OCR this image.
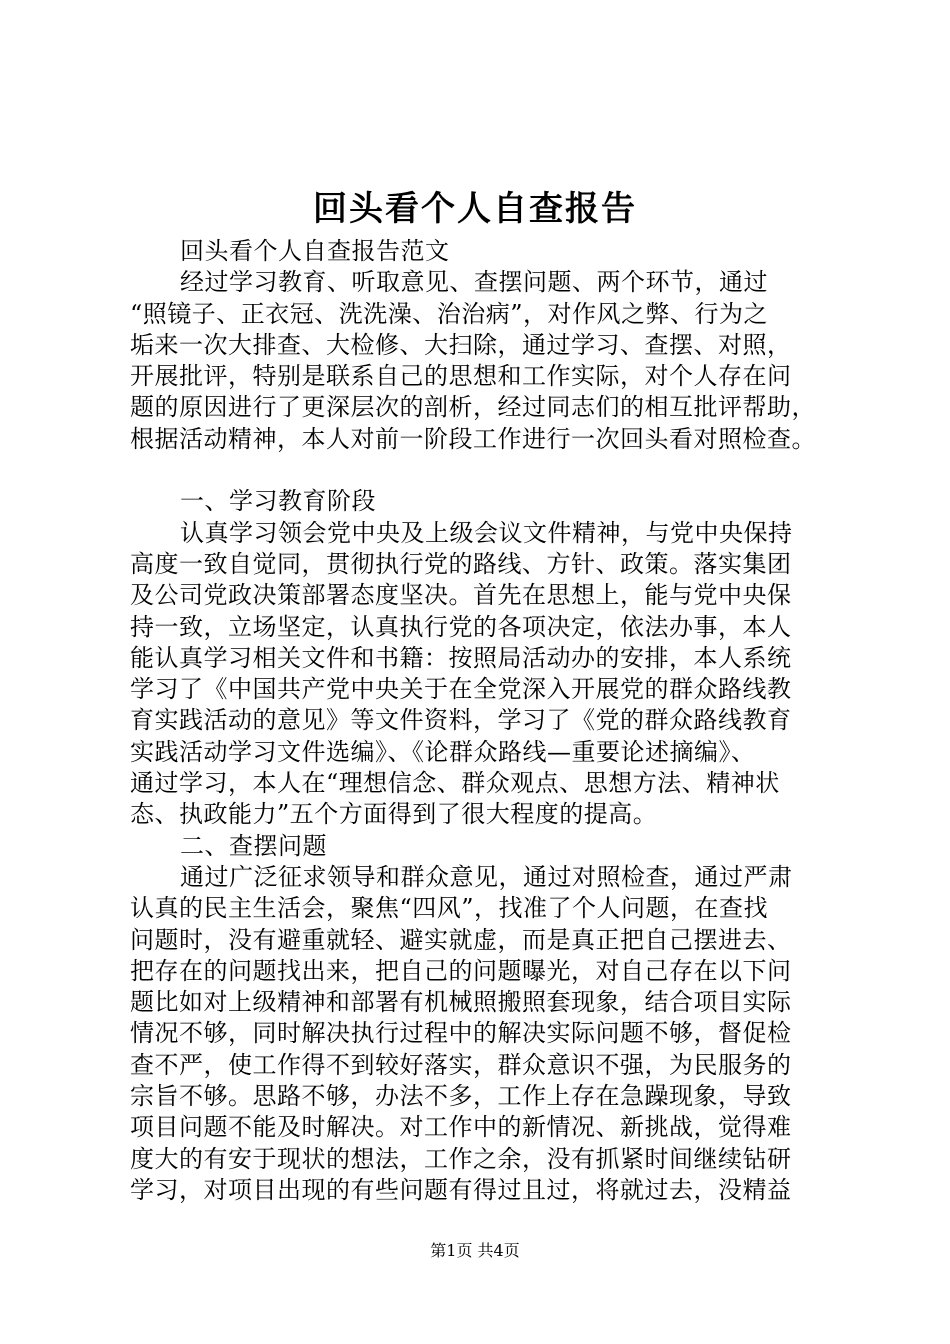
回头看个人自查报告
回头看个人自查报告范文
经过学习教育、听取意见、查摆问题、两个环节，通过
“照镜子、正衣冠、洗洗澡、治治病”，对作风之弊、行为之
垢来一次大排查、大检修、大扫除，通过学习、查摆、对照，
开展批评，特别是联系自己的思想和工作实际，对个人存在问
题的原因进行了更深层次的剖析，经过同志们的相互批评帮助，
根据活动精神，本人对前一阶段工作进行一次回头看对照检查。
一、学习教育阶段
认真学习领会党中央及上级会议文件精神，与党中央保持
高度一致自觉同，贯彻执行党的路线、方针、政策。落实集团
及公司党政决策部署态度坚决。首先在思想上，能与党中央保
持一致，立场坚定，认真执行党的各项决定，依法办事，本人
能认真学习相关文件和书籍：按照局活动办的安排，本人系统
学习了《中国共产党中央关于在全党深入开展党的群众路线教
育实践活动的意见》等文件资料，学习了《党的群众路线教育
实践活动学习文件选编》、《论群众路线—重要论述摘编》、
通过学习，本人在“理想信念、群众观点、思想方法、精神状
态、执政能力”五个方面得到了很大程度的提高。
二、查摆问题
通过广泛征求领导和群众意见，通过对照检查，通过严肃
认真的民主生活会，聚焦“四风”，找准了个人问题，在查找
问题时，没有避重就轻、避实就虚，而是真正把自己摆进去、
把存在的问题找出来，把自己的问题曝光，对自己存在以下问
题比如对上级精神和部署有机械照搬照套现象，结合项目实际
情况不够，同时解决执行过程中的解决实际问题不够，督促检
查不严，使工作得不到较好落实，群众意识不强，为民服务的
宗旨不够。思路不够，办法不多，工作上存在急躁现象，导致
项目问题不能及时解决。对工作中的新情况、新挑战，觉得难
度大的有安于现状的想法，工作之余，没有抓紧时间继续钻研
学习，对项目出现的有些问题有得过且过，将就过去，没精益
第1页 共4页
